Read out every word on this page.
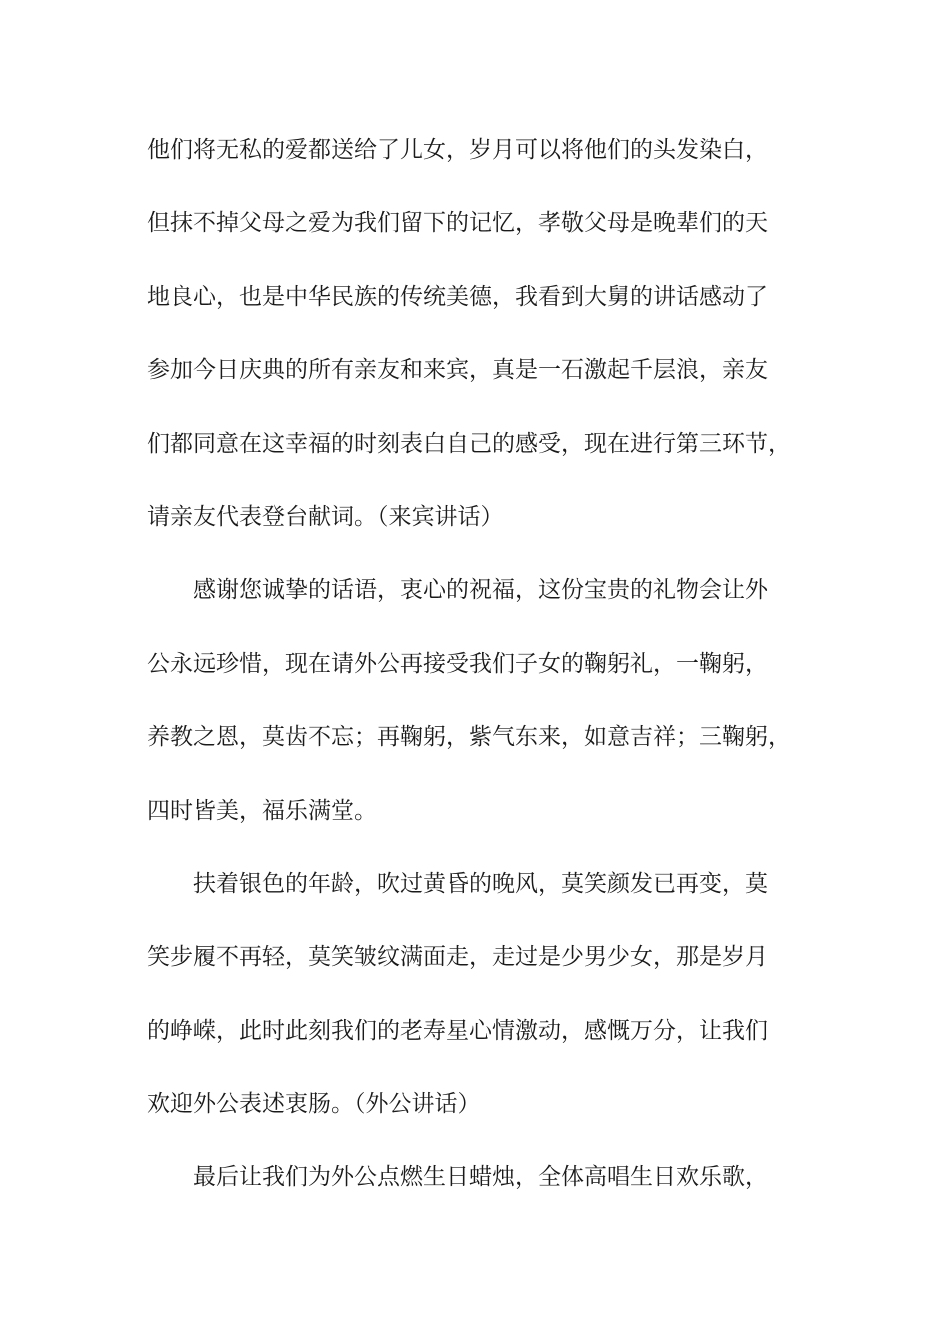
他们将无私的爱都送给了儿女，岁月可以将他们的头发染白，
但抹不掉父母之爱为我们留下的记忆，孝敬父母是晚辈们的天
地良心，也是中华民族的传统美德，我看到大舅的讲话感动了
参加今日庆典的所有亲友和来宾，真是一石激起千层浪，亲友
们都同意在这幸福的时刻表白自己的感受，现在进行第三环节，
请亲友代表登台献词。（来宾讲话）
感谢您诚挚的话语，衷心的祝福，这份宝贵的礼物会让外
公永远珍惜，现在请外公再接受我们子女的鞠躬礼，一鞠躬，
养教之恩，莫齿不忘；再鞠躬，紫气东来，如意吉祥；三鞠躬，
四时皆美，福乐满堂。
扶着银色的年龄，吹过黄昏的晚风，莫笑颜发已再变，莫
笑步履不再轻，莫笑皱纹满面走，走过是少男少女，那是岁月
的峥嵘，此时此刻我们的老寿星心情激动，感慨万分，让我们
欢迎外公表述衷肠。（外公讲话）
最后让我们为外公点燃生日蜡烛，全体高唱生日欢乐歌，
